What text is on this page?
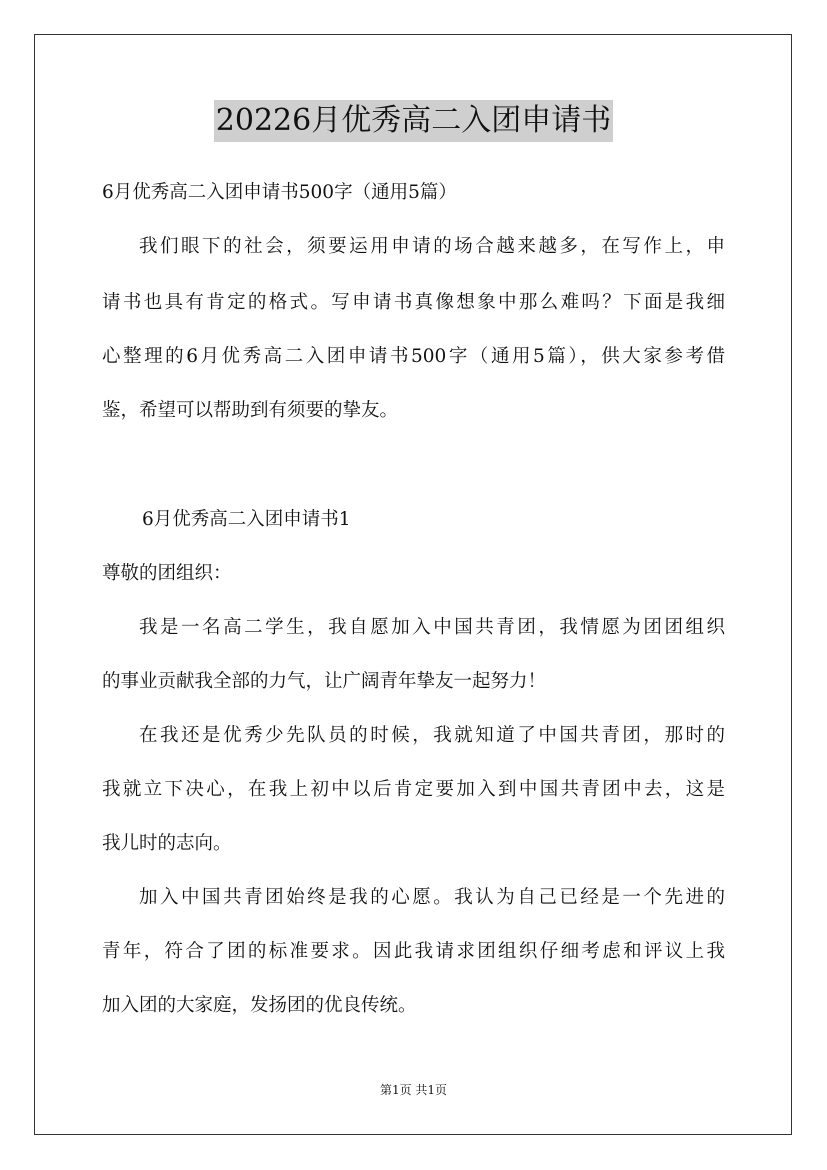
20226月优秀高二入团申请书
6月优秀高二入团申请书500字（通用5篇）
我们眼下的社会，须要运用申请的场合越来越多，在写作上，申
请书也具有肯定的格式。写申请书真像想象中那么难吗？下面是我细
心整理的6月优秀高二入团申请书500字（通用5篇），供大家参考借
鉴，希望可以帮助到有须要的挚友。
6月优秀高二入团申请书1
尊敬的团组织：
我是一名高二学生，我自愿加入中国共青团，我情愿为团团组织
的事业贡献我全部的力气，让广阔青年挚友一起努力！
在我还是优秀少先队员的时候，我就知道了中国共青团，那时的
我就立下决心，在我上初中以后肯定要加入到中国共青团中去，这是
我儿时的志向。
加入中国共青团始终是我的心愿。我认为自己已经是一个先进的
青年，符合了团的标准要求。因此我请求团组织仔细考虑和评议上我
加入团的大家庭，发扬团的优良传统。
第1页 共1页
